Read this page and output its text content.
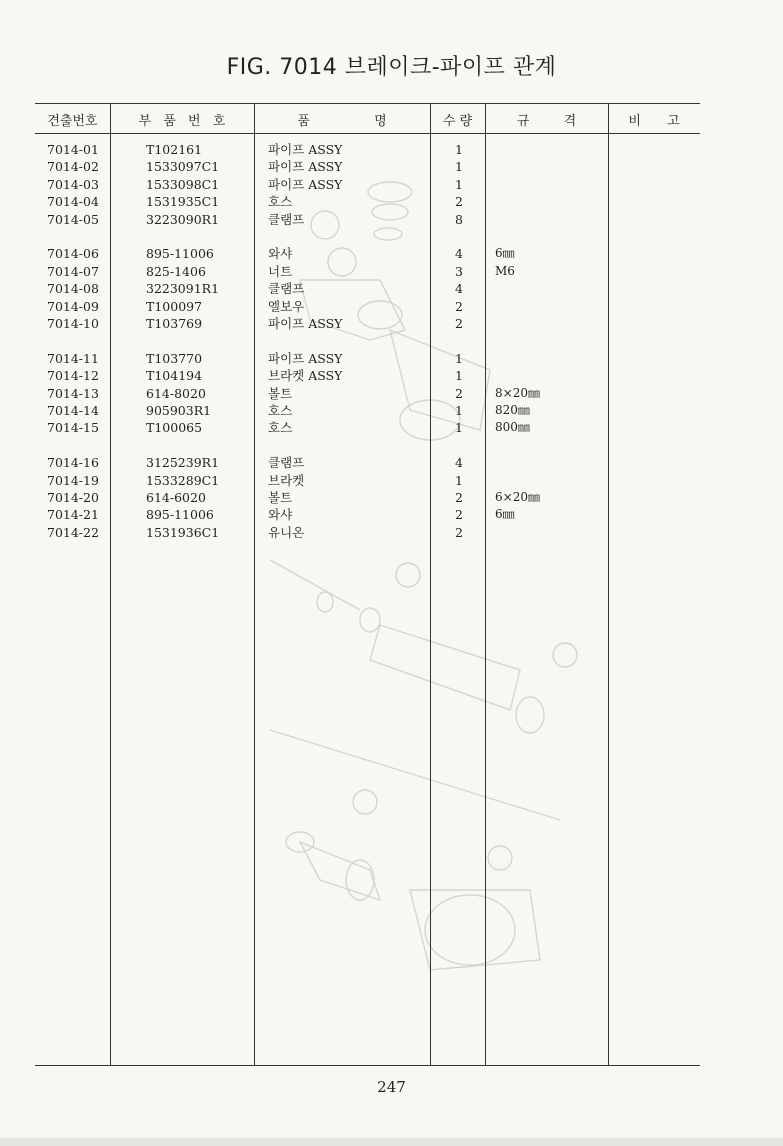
FIG. 7014 브레이크-파이프 관계
견출번호	부 품 번 호	품 명	수 량	규 격	비 고
7014-01	T102161	파이프 ASSY	1
7014-02	1533097C1	파이프 ASSY	1
7014-03	1533098C1	파이프 ASSY	1
7014-04	1531935C1	호스	2
7014-05	3223090R1	클램프	8
7014-06	895-11006	와샤	4	6㎜
7014-07	825-1406	너트	3	M6
7014-08	3223091R1	클램프	4
7014-09	T100097	엘보우	2
7014-10	T103769	파이프 ASSY	2
7014-11	T103770	파이프 ASSY	1
7014-12	T104194	브라켓 ASSY	1
7014-13	614-8020	볼트	2	8×20㎜
7014-14	905903R1	호스	1	820㎜
7014-15	T100065	호스	1	800㎜
7014-16	3125239R1	클램프	4
7014-19	1533289C1	브라켓	1
7014-20	614-6020	볼트	2	6×20㎜
7014-21	895-11006	와샤	2	6㎜
7014-22	1531936C1	유니온	2
247
